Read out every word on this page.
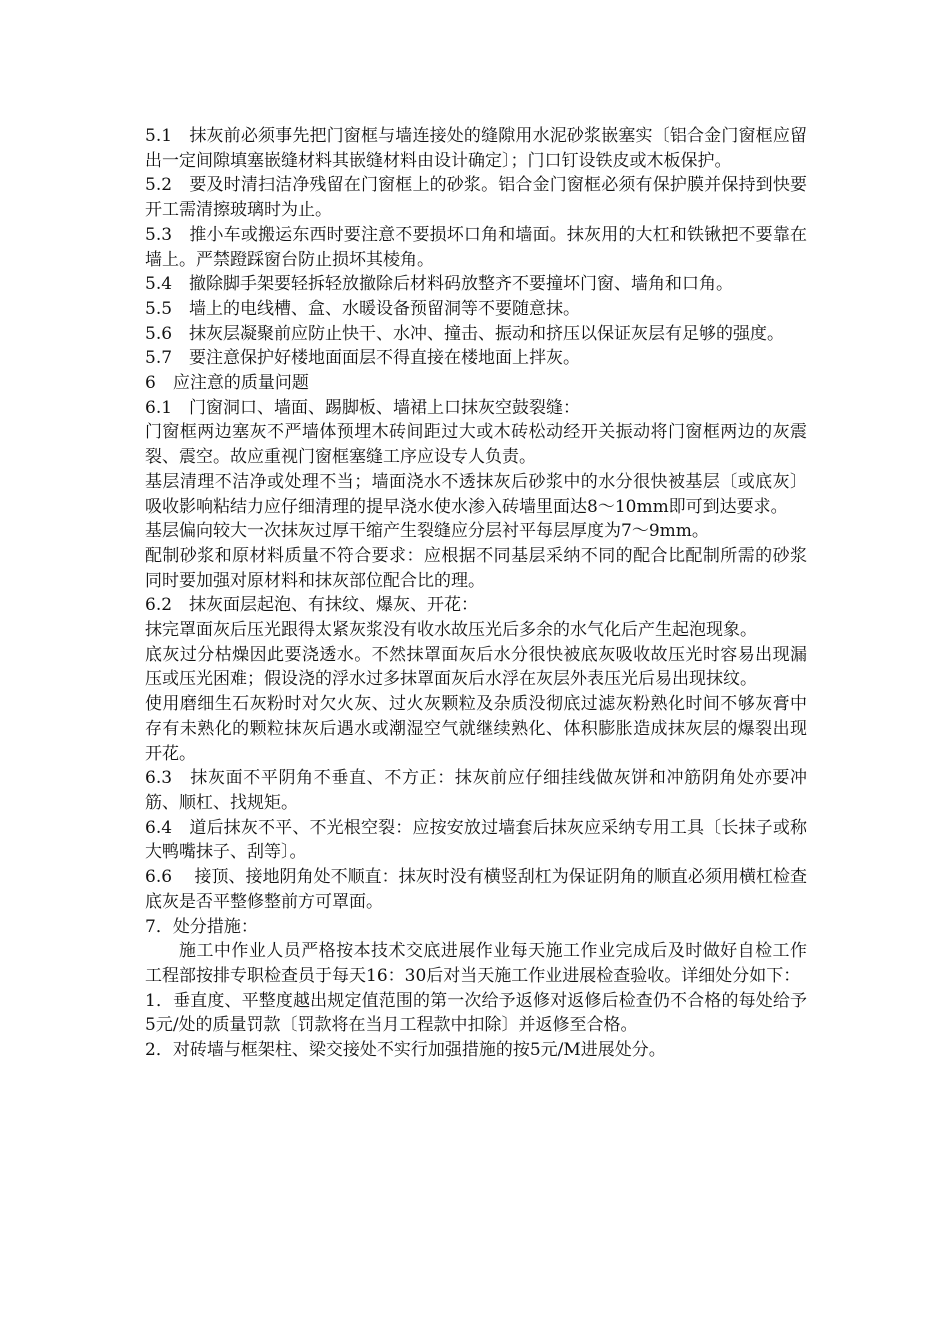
5.1　抹灰前必须事先把门窗框与墙连接处的缝隙用水泥砂浆嵌塞实〔铝合金门窗框应留出一定间隙填塞嵌缝材料其嵌缝材料由设计确定〕；门口钉设铁皮或木板保护。

5.2　要及时清扫洁净残留在门窗框上的砂浆。铝合金门窗框必须有保护膜并保持到快要开工需清擦玻璃时为止。

5.3　推小车或搬运东西时要注意不要损坏口角和墙面。抹灰用的大杠和铁锹把不要靠在墙上。严禁蹬踩窗台防止损坏其棱角。

5.4　撤除脚手架要轻拆轻放撤除后材料码放整齐不要撞坏门窗、墙角和口角。

5.5　墙上的电线槽、盒、水暖设备预留洞等不要随意抹。

5.6　抹灰层凝聚前应防止快干、水冲、撞击、振动和挤压以保证灰层有足够的强度。

5.7　要注意保护好楼地面面层不得直接在楼地面上拌灰。

6　应注意的质量问题

6.1　门窗洞口、墙面、踢脚板、墙裙上口抹灰空鼓裂缝：

门窗框两边塞灰不严墙体预埋木砖间距过大或木砖松动经开关振动将门窗框两边的灰震裂、震空。故应重视门窗框塞缝工序应设专人负责。

基层清理不洁净或处理不当；墙面浇水不透抹灰后砂浆中的水分很快被基层〔或底灰〕吸收影响粘结力应仔细清理的提早浇水使水渗入砖墙里面达8～10mm即可到达要求。

基层偏向较大一次抹灰过厚干缩产生裂缝应分层衬平每层厚度为7～9mm。

配制砂浆和原材料质量不符合要求：应根据不同基层采纳不同的配合比配制所需的砂浆同时要加强对原材料和抹灰部位配合比的理。

6.2　抹灰面层起泡、有抹纹、爆灰、开花：

抹完罩面灰后压光跟得太紧灰浆没有收水故压光后多余的水气化后产生起泡现象。

底灰过分枯燥因此要浇透水。不然抹罩面灰后水分很快被底灰吸收故压光时容易出现漏压或压光困难；假设浇的浮水过多抹罩面灰后水浮在灰层外表压光后易出现抹纹。

使用磨细生石灰粉时对欠火灰、过火灰颗粒及杂质没彻底过滤灰粉熟化时间不够灰膏中存有未熟化的颗粒抹灰后遇水或潮湿空气就继续熟化、体积膨胀造成抹灰层的爆裂出现开花。

6.3　抹灰面不平阴角不垂直、不方正：抹灰前应仔细挂线做灰饼和冲筋阴角处亦要冲筋、顺杠、找规矩。

6.4　道后抹灰不平、不光根空裂：应按安放过墙套后抹灰应采纳专用工具〔长抹子或称大鸭嘴抹子、刮等〕。

6.6　 接顶、接地阴角处不顺直：抹灰时没有横竖刮杠为保证阴角的顺直必须用横杠检查底灰是否平整修整前方可罩面。

7．处分措施：

施工中作业人员严格按本技术交底进展作业每天施工作业完成后及时做好自检工作工程部按排专职检查员于每天16：30后对当天施工作业进展检查验收。详细处分如下：

1．垂直度、平整度越出规定值范围的第一次给予返修对返修后检查仍不合格的每处给予5元/处的质量罚款〔罚款将在当月工程款中扣除〕并返修至合格。

2．对砖墙与框架柱、梁交接处不实行加强措施的按5元/M进展处分。
